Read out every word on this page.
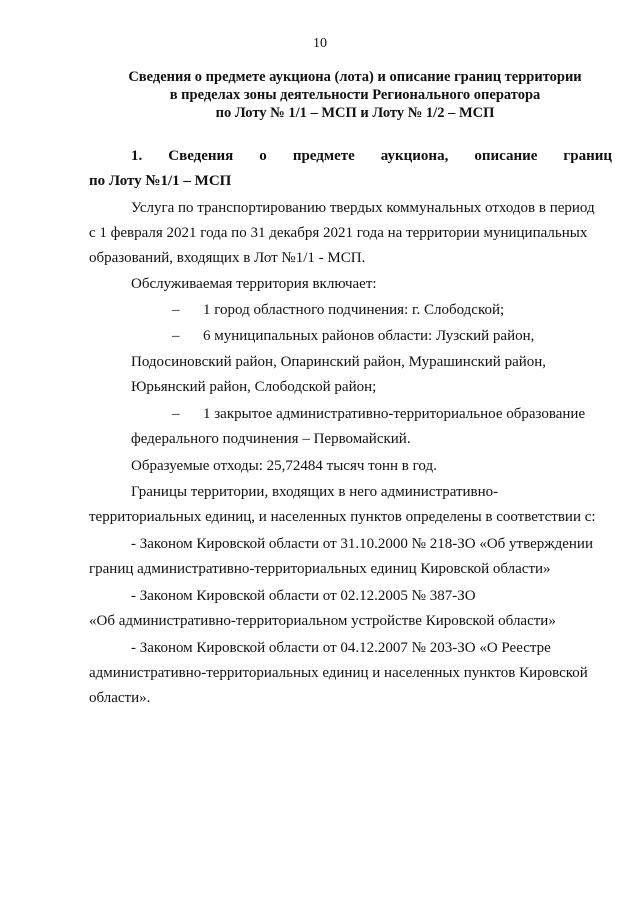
10
Сведения о предмете аукциона (лота) и описание границ территории
в пределах зоны деятельности Регионального оператора
по Лоту № 1/1 – МСП и Лоту № 1/2 – МСП
1. Сведения о предмете аукциона, описание границ
по Лоту №1/1 – МСП
Услуга по транспортированию твердых коммунальных отходов в период
с 1 февраля 2021 года по 31 декабря 2021 года на территории муниципальных
образований, входящих в Лот №1/1 - МСП.
Обслуживаемая территория включает:
– 1 город областного подчинения: г. Слободской;
– 6 муниципальных районов области: Лузский район,
Подосиновский район, Опаринский район, Мурашинский район,
Юрьянский район, Слободской район;
– 1 закрытое административно-территориальное образование
федерального подчинения – Первомайский.
Образуемые отходы: 25,72484 тысяч тонн в год.
Границы территории, входящих в него административно-
территориальных единиц, и населенных пунктов определены в соответствии с:
- Законом Кировской области от 31.10.2000 № 218-ЗО «Об утверждении
границ административно-территориальных единиц Кировской области»
- Законом Кировской области от 02.12.2005 № 387-ЗО
«Об административно-территориальном устройстве Кировской области»
- Законом Кировской области от 04.12.2007 № 203-ЗО «О Реестре
административно-территориальных единиц и населенных пунктов Кировской
области».
